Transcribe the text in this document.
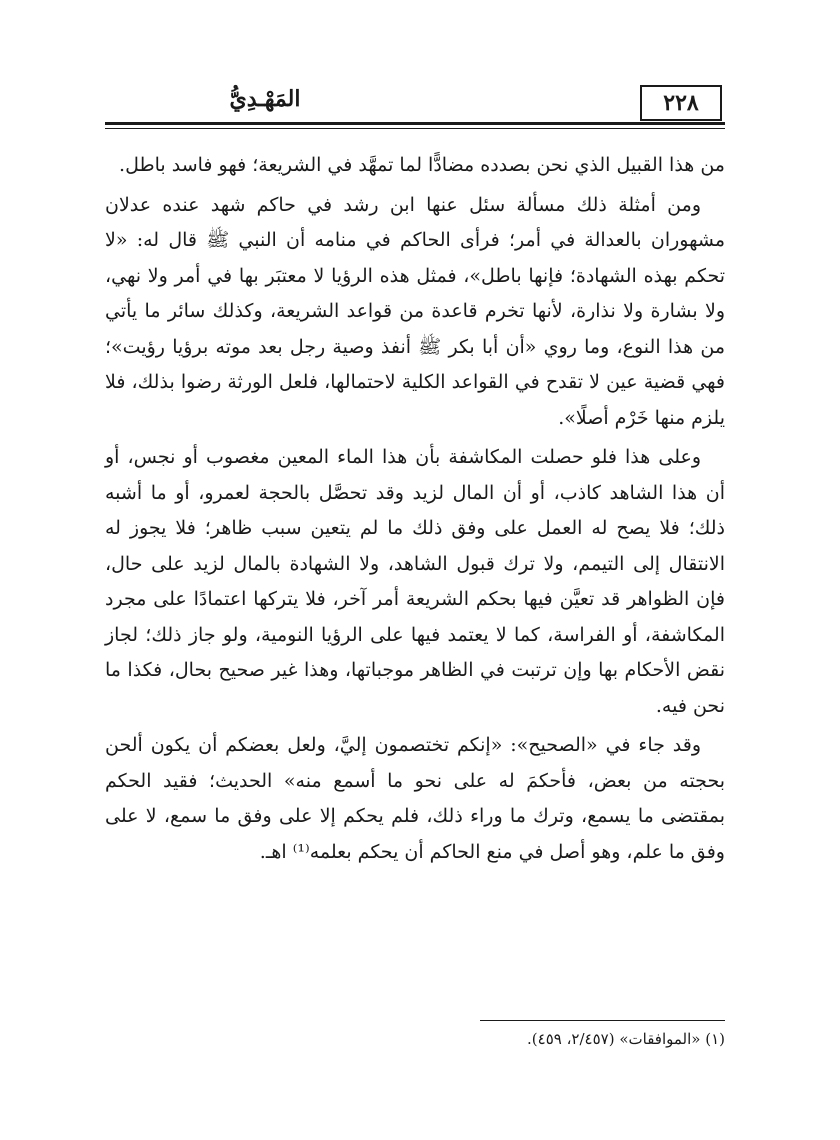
٢٢٨
المَهْـدِيُّ

من هذا القبيل الذي نحن بصدده مضادًّا لما تمهَّد في الشريعة؛ فهو فاسد باطل.

ومن أمثلة ذلك مسألة سئل عنها ابن رشد في حاكم شهد عنده عدلان مشهوران بالعدالة في أمر؛ فرأى الحاكم في منامه أن النبي ﷺ قال له: «لا تحكم بهذه الشهادة؛ فإنها باطل»، فمثل هذه الرؤيا لا معتبَر بها في أمر ولا نهي، ولا بشارة ولا نذارة، لأنها تخرم قاعدة من قواعد الشريعة، وكذلك سائر ما يأتي من هذا النوع، وما روي «أن أبا بكر ﷺ أنفذ وصية رجل بعد موته برؤيا رؤيت»؛ فهي قضية عين لا تقدح في القواعد الكلية لاحتمالها، فلعل الورثة رضوا بذلك، فلا يلزم منها خَرْم أصلًا».

وعلى هذا فلو حصلت المكاشفة بأن هذا الماء المعين مغصوب أو نجس، أو أن هذا الشاهد كاذب، أو أن المال لزيد وقد تحصَّل بالحجة لعمرو، أو ما أشبه ذلك؛ فلا يصح له العمل على وفق ذلك ما لم يتعين سبب ظاهر؛ فلا يجوز له الانتقال إلى التيمم، ولا ترك قبول الشاهد، ولا الشهادة بالمال لزيد على حال، فإن الظواهر قد تعيَّن فيها بحكم الشريعة أمر آخر، فلا يتركها اعتمادًا على مجرد المكاشفة، أو الفراسة، كما لا يعتمد فيها على الرؤيا النومية، ولو جاز ذلك؛ لجاز نقض الأحكام بها وإن ترتبت في الظاهر موجباتها، وهذا غير صحيح بحال، فكذا ما نحن فيه.

وقد جاء في «الصحيح»: «إنكم تختصمون إليَّ، ولعل بعضكم أن يكون ألحن بحجته من بعض، فأحكمَ له على نحو ما أسمع منه» الحديث؛ فقيد الحكم بمقتضى ما يسمع، وترك ما وراء ذلك، فلم يحكم إلا على وفق ما سمع، لا على وفق ما علم، وهو أصل في منع الحاكم أن يحكم بعلمه⁽¹⁾ اهـ.

(١) «الموافقات» (٢/٤٥٧، ٤٥٩).
